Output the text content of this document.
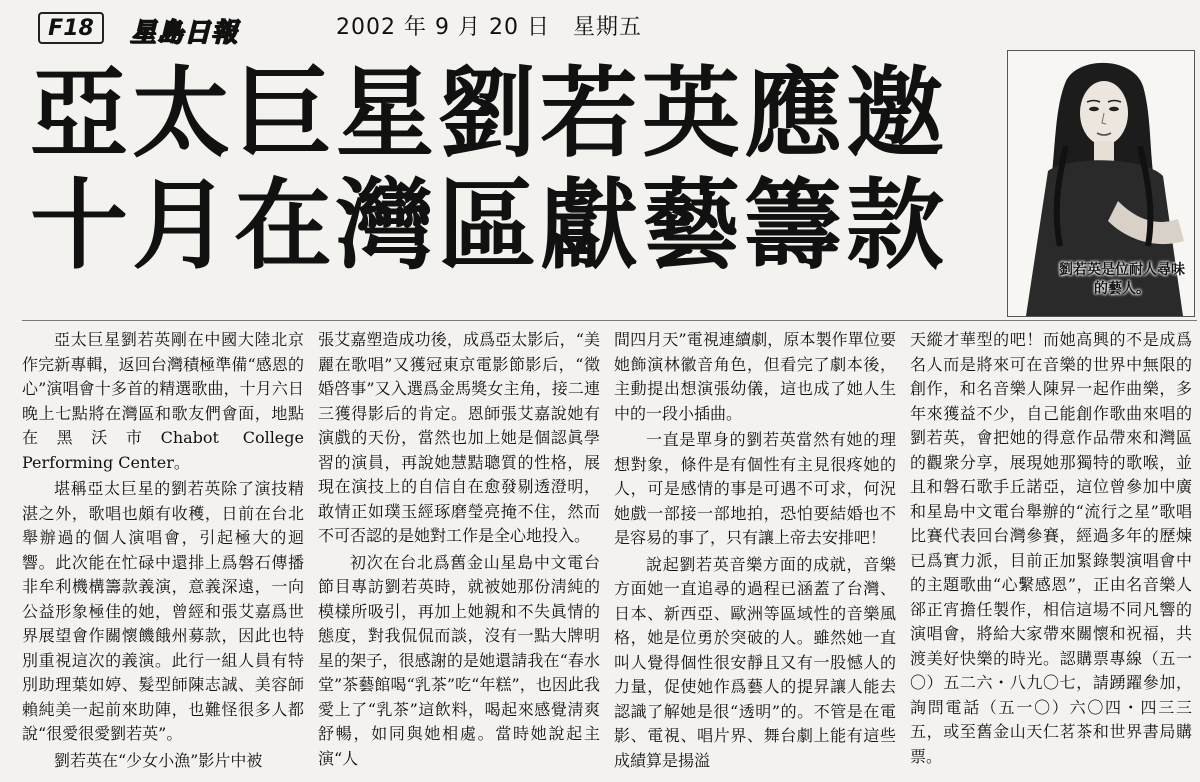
F18	星島日報	2002 年 9 月 20 日　星期五
亞太巨星劉若英應邀
十月在灣區獻藝籌款	劉若英是位耐人尋味的藝人。

亞太巨星劉若英剛在中國大陸北京作完新專輯，返回台灣積極準備“感恩的心”演唱會十多首的精選歌曲，十月六日晚上七點將在灣區和歌友們會面，地點在黑沃市Chabot College Performing Center。

堪稱亞太巨星的劉若英除了演技精湛之外，歌唱也頗有收穫，日前在台北舉辦過的個人演唱會，引起極大的迴響。此次能在忙碌中還排上爲磐石傳播非牟利機構籌款義演，意義深遠，一向公益形象極佳的她，曾經和張艾嘉爲世界展望會作關懷饑餓州募款，因此也特別重視這次的義演。此行一組人員有特別助理葉如婷、髮型師陳志誠、美容師賴純美一起前來助陣，也難怪很多人都說“很愛很愛劉若英”。

劉若英在“少女小漁”影片中被

張艾嘉塑造成功後，成爲亞太影后，“美麗在歌唱”又獲冠東京電影節影后，“徵婚啓事”又入選爲金馬獎女主角，接二連三獲得影后的肯定。恩師張艾嘉說她有演戲的天份，當然也加上她是個認眞學習的演員，再說她慧黠聰質的性格，展現在演技上的自信自在愈發剔透澄明，敢情正如璞玉經琢磨瑩亮掩不住，然而不可否認的是她對工作是全心地投入。

初次在台北爲舊金山星島中文電台節目專訪劉若英時，就被她那份淸純的模樣所吸引，再加上她親和不失眞情的態度，對我侃侃而談，沒有一點大牌明星的架子，很感謝的是她還請我在“春水堂”茶藝館喝“乳茶”吃“年糕”，也因此我愛上了“乳茶”這飲料，喝起來感覺淸爽舒暢，如同與她相處。當時她說起主演“人

間四月天”電視連續劇，原本製作單位要她飾演林徽音角色，但看完了劇本後，主動提出想演張幼儀，這也成了她人生中的一段小插曲。

一直是單身的劉若英當然有她的理想對象，條件是有個性有主見很疼她的人，可是感情的事是可遇不可求，何況她戲一部接一部地拍，恐怕要結婚也不是容易的事了，只有讓上帝去安排吧！

說起劉若英音樂方面的成就，音樂方面她一直追尋的過程已涵蓋了台灣、日本、新西亞、歐洲等區域性的音樂風格，她是位勇於突破的人。雖然她一直叫人覺得個性很安靜且又有一股憾人的力量，促使她作爲藝人的提昇讓人能去認識了解她是很“透明”的。不管是在電影、電視、唱片界、舞台劇上能有這些成績算是揚溢

天縱才華型的吧！而她高興的不是成爲名人而是將來可在音樂的世界中無限的創作，和名音樂人陳昇一起作曲樂，多年來獲益不少，自己能創作歌曲來唱的劉若英，會把她的得意作品帶來和灣區的觀衆分享，展現她那獨特的歌喉，並且和磐石歌手丘諾亞，這位曾參加中廣和星島中文電台舉辦的“流行之星”歌唱比賽代表回台灣參賽，經過多年的歷煉已爲實力派，目前正加緊錄製演唱會中的主題歌曲“心繫感恩”，正由名音樂人郤正宵擔任製作，相信這場不同凡響的演唱會，將給大家帶來關懷和祝福，共渡美好快樂的時光。認購票專線（五一〇）五二六・八九〇七，請踴躍參加，詢問電話（五一〇）六〇四・四三三五，或至舊金山天仁茗茶和世界書局購票。
